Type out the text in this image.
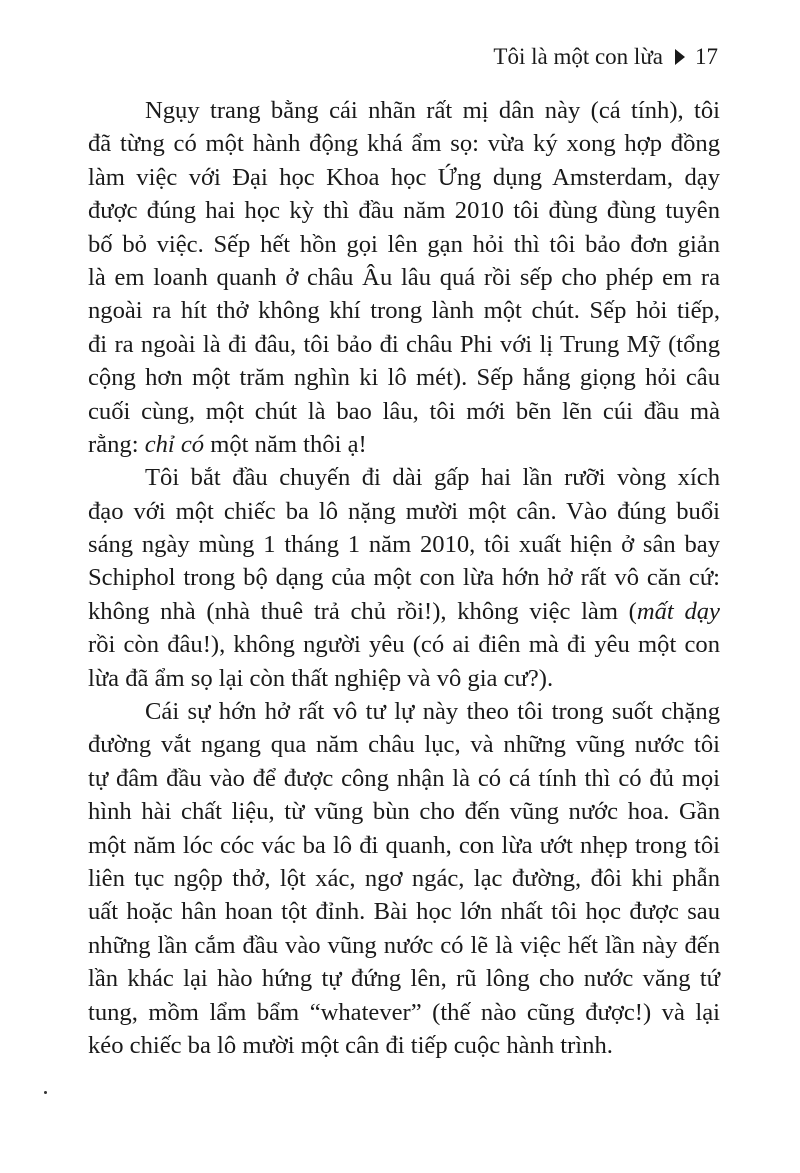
Tôi là một con lừa 17
Ngụy trang bằng cái nhãn rất mị dân này (cá tính), tôi
đã từng có một hành động khá ẩm sọ: vừa ký xong hợp đồng
làm việc với Đại học Khoa học Ứng dụng Amsterdam, dạy
được đúng hai học kỳ thì đầu năm 2010 tôi đùng đùng tuyên
bố bỏ việc. Sếp hết hồn gọi lên gạn hỏi thì tôi bảo đơn giản
là em loanh quanh ở châu Âu lâu quá rồi sếp cho phép em ra
ngoài ra hít thở không khí trong lành một chút. Sếp hỏi tiếp,
đi ra ngoài là đi đâu, tôi bảo đi châu Phi với lị Trung Mỹ (tổng
cộng hơn một trăm nghìn ki lô mét). Sếp hắng giọng hỏi câu
cuối cùng, một chút là bao lâu, tôi mới bẽn lẽn cúi đầu mà
rằng: chỉ có một năm thôi ạ!
Tôi bắt đầu chuyến đi dài gấp hai lần rưỡi vòng xích
đạo với một chiếc ba lô nặng mười một cân. Vào đúng buổi
sáng ngày mùng 1 tháng 1 năm 2010, tôi xuất hiện ở sân bay
Schiphol trong bộ dạng của một con lừa hớn hở rất vô căn cứ:
không nhà (nhà thuê trả chủ rồi!), không việc làm (mất dạy
rồi còn đâu!), không người yêu (có ai điên mà đi yêu một con
lừa đã ẩm sọ lại còn thất nghiệp và vô gia cư?).
Cái sự hớn hở rất vô tư lự này theo tôi trong suốt chặng
đường vắt ngang qua năm châu lục, và những vũng nước tôi
tự đâm đầu vào để được công nhận là có cá tính thì có đủ mọi
hình hài chất liệu, từ vũng bùn cho đến vũng nước hoa. Gần
một năm lóc cóc vác ba lô đi quanh, con lừa ướt nhẹp trong tôi
liên tục ngộp thở, lột xác, ngơ ngác, lạc đường, đôi khi phẫn
uất hoặc hân hoan tột đỉnh. Bài học lớn nhất tôi học được sau
những lần cắm đầu vào vũng nước có lẽ là việc hết lần này đến
lần khác lại hào hứng tự đứng lên, rũ lông cho nước văng tứ
tung, mồm lẩm bẩm “whatever” (thế nào cũng được!) và lại
kéo chiếc ba lô mười một cân đi tiếp cuộc hành trình.
